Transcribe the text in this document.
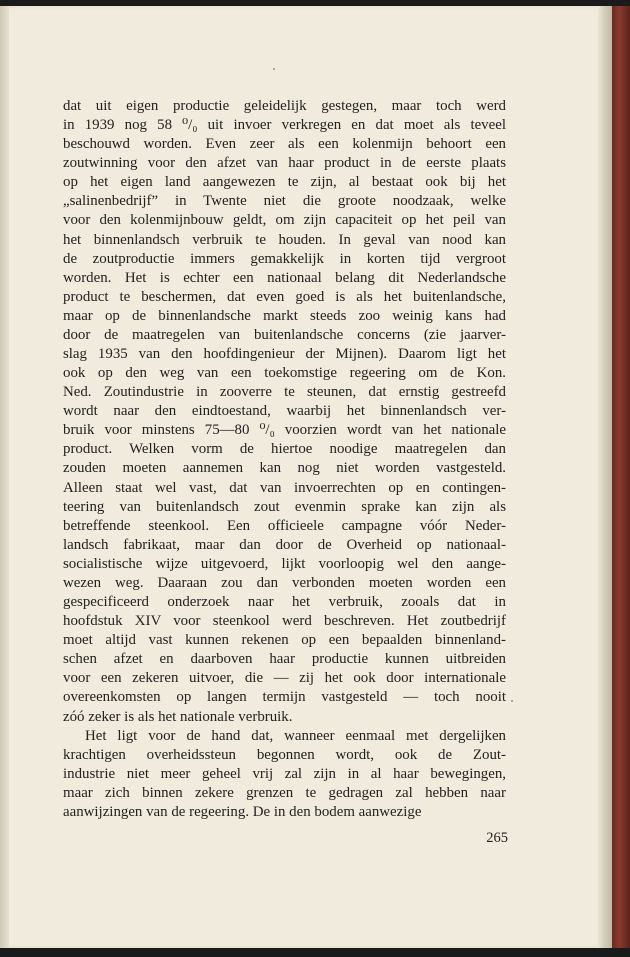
dat uit eigen productie geleidelijk gestegen, maar toch werd
in 1939 nog 58 ⁰/₀ uit invoer verkregen en dat moet als teveel
beschouwd worden. Even zeer als een kolenmijn behoort een
zoutwinning voor den afzet van haar product in de eerste plaats
op het eigen land aangewezen te zijn, al bestaat ook bij het
„salinenbedrijf” in Twente niet die groote noodzaak, welke
voor den kolenmijnbouw geldt, om zijn capaciteit op het peil van
het binnenlandsch verbruik te houden. In geval van nood kan
de zoutproductie immers gemakkelijk in korten tijd vergroot
worden. Het is echter een nationaal belang dit Nederlandsche
product te beschermen, dat even goed is als het buitenlandsche,
maar op de binnenlandsche markt steeds zoo weinig kans had
door de maatregelen van buitenlandsche concerns (zie jaarver-
slag 1935 van den hoofdingenieur der Mijnen). Daarom ligt het
ook op den weg van een toekomstige regeering om de Kon.
Ned. Zoutindustrie in zooverre te steunen, dat ernstig gestreefd
wordt naar den eindtoestand, waarbij het binnenlandsch ver-
bruik voor minstens 75—80 ⁰/₀ voorzien wordt van het nationale
product. Welken vorm de hiertoe noodige maatregelen dan
zouden moeten aannemen kan nog niet worden vastgesteld.
Alleen staat wel vast, dat van invoerrechten op en contingen-
teering van buitenlandsch zout evenmin sprake kan zijn als
betreffende steenkool. Een officieele campagne vóór Neder-
landsch fabrikaat, maar dan door de Overheid op nationaal-
socialistische wijze uitgevoerd, lijkt voorloopig wel den aange-
wezen weg. Daaraan zou dan verbonden moeten worden een
gespecificeerd onderzoek naar het verbruik, zooals dat in
hoofdstuk XIV voor steenkool werd beschreven. Het zoutbedrijf
moet altijd vast kunnen rekenen op een bepaalden binnenland-
schen afzet en daarboven haar productie kunnen uitbreiden
voor een zekeren uitvoer, die — zij het ook door internationale
overeenkomsten op langen termijn vastgesteld — toch nooit
zóó zeker is als het nationale verbruik.
Het ligt voor de hand dat, wanneer eenmaal met dergelijken
krachtigen overheidssteun begonnen wordt, ook de Zout-
industrie niet meer geheel vrij zal zijn in al haar bewegingen,
maar zich binnen zekere grenzen te gedragen zal hebben naar
aanwijzingen van de regeering. De in den bodem aanwezige
265
